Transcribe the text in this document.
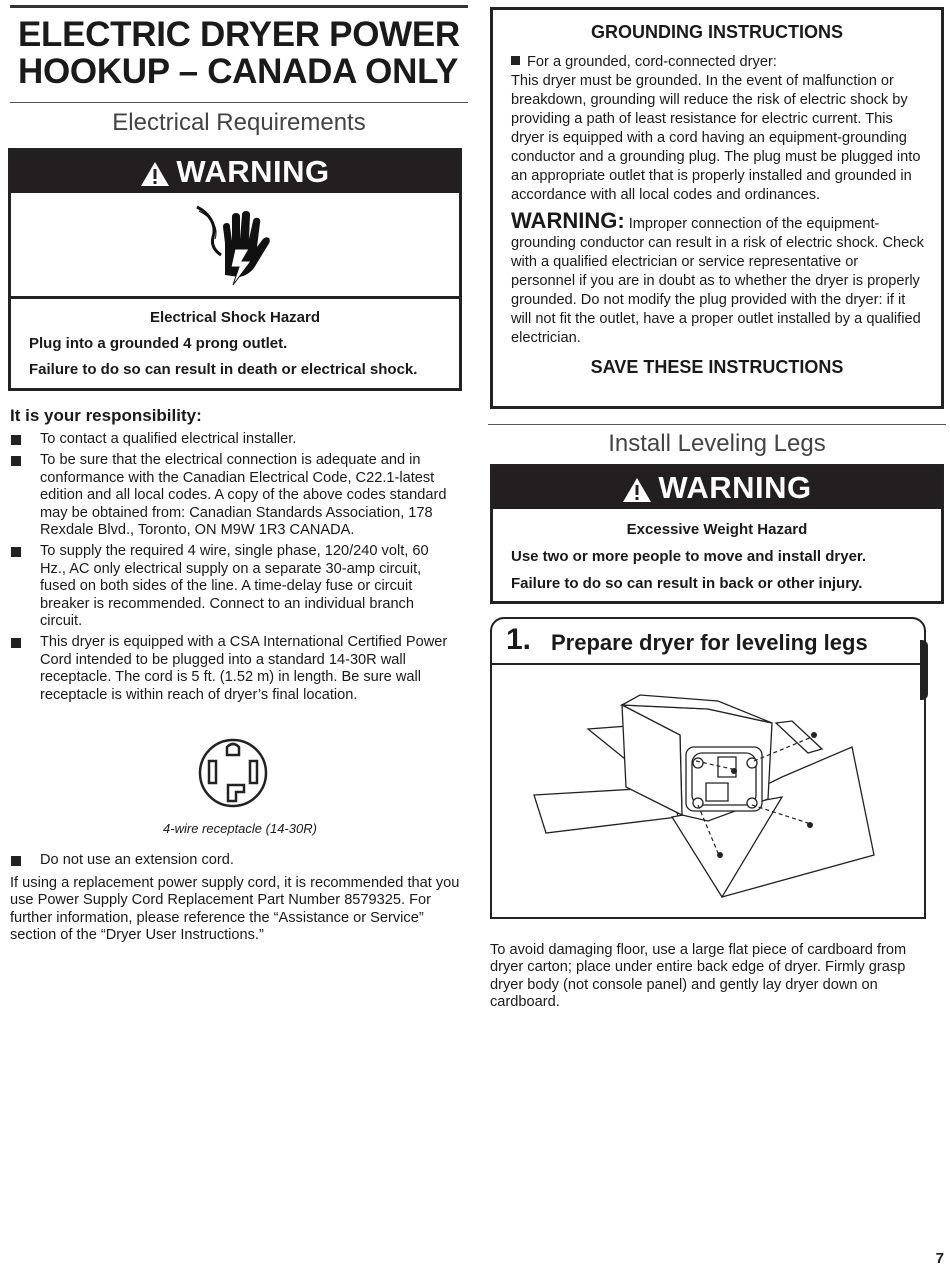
ELECTRIC DRYER POWER
HOOKUP – CANADA ONLY
Electrical Requirements
WARNING
Electrical Shock Hazard
Plug into a grounded 4 prong outlet.
Failure to do so can result in death or electrical shock.
It is your responsibility:
To contact a qualified electrical installer.
To be sure that the electrical connection is adequate and in conformance with the Canadian Electrical Code, C22.1-latest edition and all local codes. A copy of the above codes standard may be obtained from: Canadian Standards Association, 178 Rexdale Blvd., Toronto, ON M9W 1R3 CANADA.
To supply the required 4 wire, single phase, 120/240 volt, 60 Hz., AC only electrical supply on a separate 30-amp circuit, fused on both sides of the line. A time-delay fuse or circuit breaker is recommended. Connect to an individual branch circuit.
This dryer is equipped with a CSA International Certified Power Cord intended to be plugged into a standard 14-30R wall receptacle. The cord is 5 ft. (1.52 m) in length. Be sure wall receptacle is within reach of dryer’s final location.
4-wire receptacle (14-30R)
Do not use an extension cord.
If using a replacement power supply cord, it is recommended that you use Power Supply Cord Replacement Part Number 8579325. For further information, please reference the “Assistance or Service” section of the “Dryer User Instructions.”
GROUNDING INSTRUCTIONS
For a grounded, cord-connected dryer:
This dryer must be grounded. In the event of malfunction or breakdown, grounding will reduce the risk of electric shock by providing a path of least resistance for electric current. This dryer is equipped with a cord having an equipment-grounding conductor and a grounding plug. The plug must be plugged into an appropriate outlet that is properly installed and grounded in accordance with all local codes and ordinances.
WARNING: Improper connection of the equipment-grounding conductor can result in a risk of electric shock. Check with a qualified electrician or service representative or personnel if you are in doubt as to whether the dryer is properly grounded. Do not modify the plug provided with the dryer: if it will not fit the outlet, have a proper outlet installed by a qualified electrician.
SAVE THESE INSTRUCTIONS
Install Leveling Legs
WARNING
Excessive Weight Hazard
Use two or more people to move and install dryer.
Failure to do so can result in back or other injury.
1. Prepare dryer for leveling legs
To avoid damaging floor, use a large flat piece of cardboard from dryer carton; place under entire back edge of dryer. Firmly grasp dryer body (not console panel) and gently lay dryer down on cardboard.
7
